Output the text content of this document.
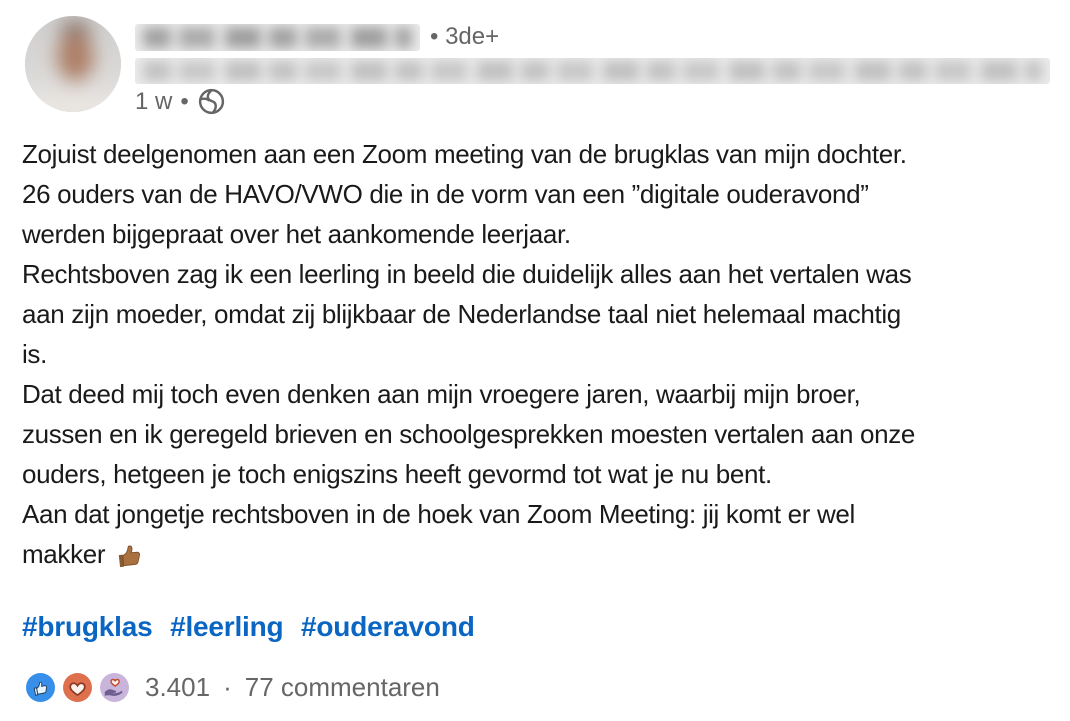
• 3de+
1 w •
Zojuist deelgenomen aan een Zoom meeting van de brugklas van mijn dochter.
26 ouders van de HAVO/VWO die in de vorm van een ”digitale ouderavond”
werden bijgepraat over het aankomende leerjaar.
Rechtsboven zag ik een leerling in beeld die duidelijk alles aan het vertalen was
aan zijn moeder, omdat zij blijkbaar de Nederlandse taal niet helemaal machtig
is.
Dat deed mij toch even denken aan mijn vroegere jaren, waarbij mijn broer,
zussen en ik geregeld brieven en schoolgesprekken moesten vertalen aan onze
ouders, hetgeen je toch enigszins heeft gevormd tot wat je nu bent.
Aan dat jongetje rechtsboven in de hoek van Zoom Meeting: jij komt er wel
makker
#brugklas #leerling #ouderavond
3.401 · 77 commentaren
